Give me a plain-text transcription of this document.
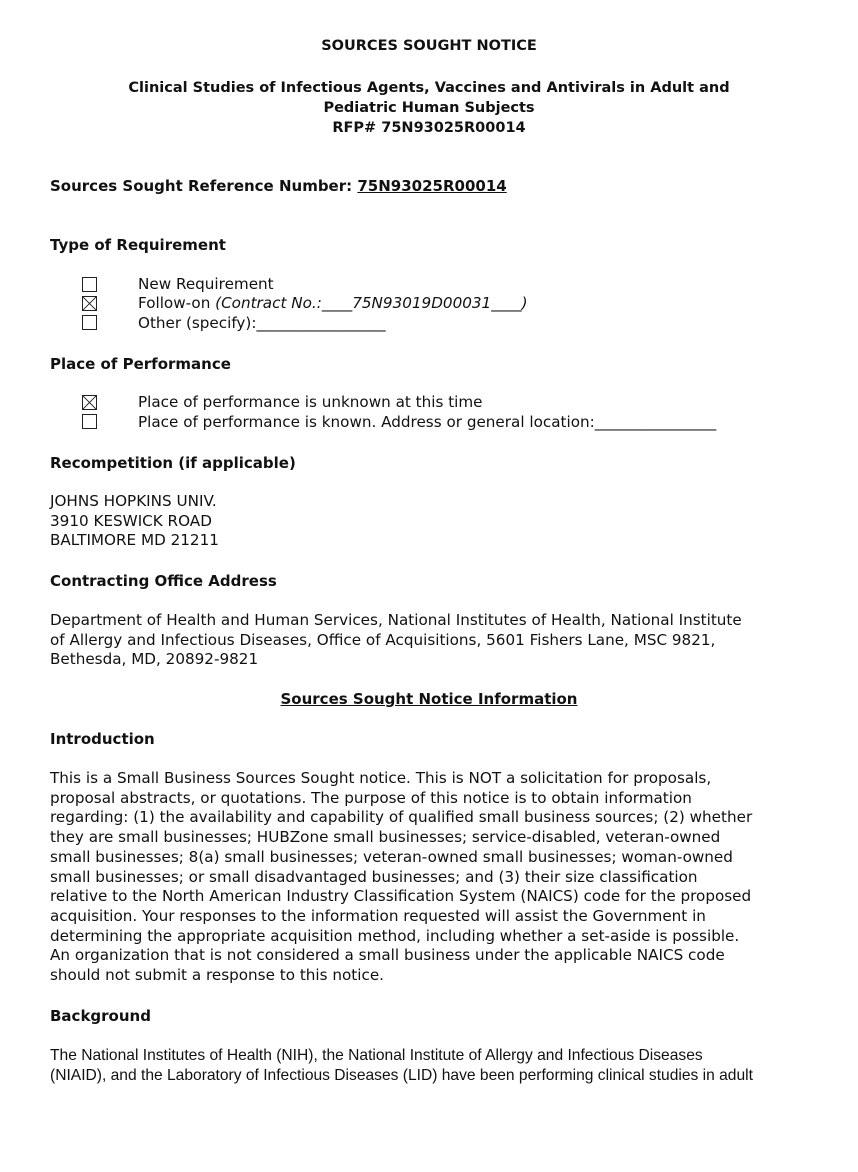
SOURCES SOUGHT NOTICE
Clinical Studies of Infectious Agents, Vaccines and Antivirals in Adult and
Pediatric Human Subjects
RFP# 75N93025R00014
Sources Sought Reference Number: 75N93025R00014
Type of Requirement
New Requirement
Follow-on (Contract No.:____75N93019D00031____)
Other (specify):_________________
Place of Performance
Place of performance is unknown at this time
Place of performance is known. Address or general location:________________
Recompetition (if applicable)
JOHNS HOPKINS UNIV.
3910 KESWICK ROAD
BALTIMORE MD 21211
Contracting Office Address
Department of Health and Human Services, National Institutes of Health, National Institute
of Allergy and Infectious Diseases, Office of Acquisitions, 5601 Fishers Lane, MSC 9821,
Bethesda, MD, 20892-9821
Sources Sought Notice Information
Introduction
This is a Small Business Sources Sought notice. This is NOT a solicitation for proposals,
proposal abstracts, or quotations. The purpose of this notice is to obtain information
regarding: (1) the availability and capability of qualified small business sources; (2) whether
they are small businesses; HUBZone small businesses; service-disabled, veteran-owned
small businesses; 8(a) small businesses; veteran-owned small businesses; woman-owned
small businesses; or small disadvantaged businesses; and (3) their size classification
relative to the North American Industry Classification System (NAICS) code for the proposed
acquisition. Your responses to the information requested will assist the Government in
determining the appropriate acquisition method, including whether a set-aside is possible.
An organization that is not considered a small business under the applicable NAICS code
should not submit a response to this notice.
Background
The National Institutes of Health (NIH), the National Institute of Allergy and Infectious Diseases
(NIAID), and the Laboratory of Infectious Diseases (LID) have been performing clinical studies in adult
